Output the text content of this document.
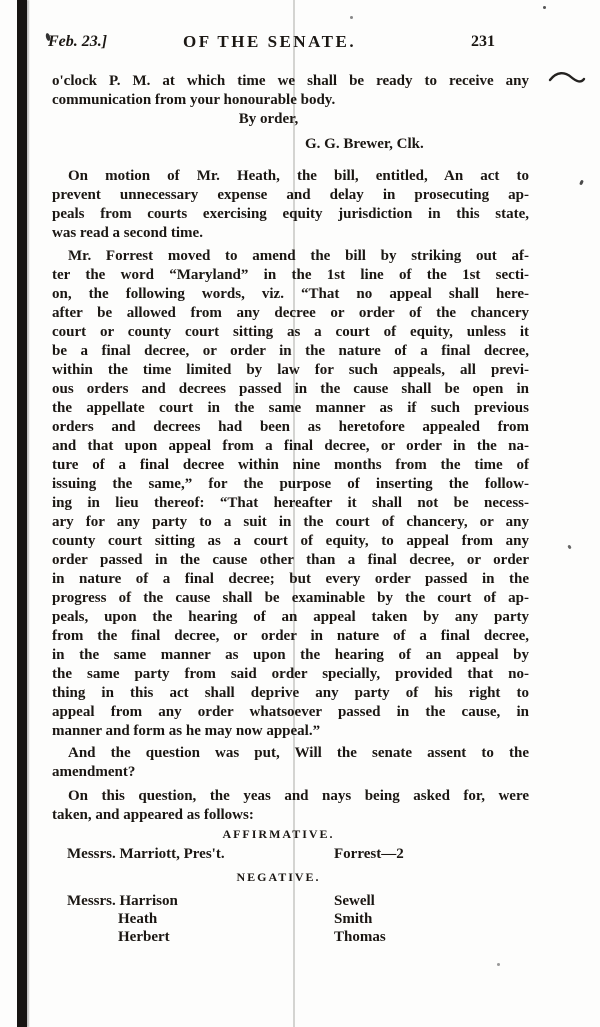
Feb. 23.]	OF THE SENATE.	231
o'clock P. M. at which time we shall be ready to receive any
communication from your honourable body.
By order,
G. G. Brewer, Clk.
On motion of Mr. Heath, the bill, entitled, An act to
prevent unnecessary expense and delay in prosecuting ap-
peals from courts exercising equity jurisdiction in this state,
was read a second time.
Mr. Forrest moved to amend the bill by striking out af-
ter the word “Maryland” in the 1st line of the 1st secti-
on, the following words, viz. “That no appeal shall here-
after be allowed from any decree or order of the chancery
court or county court sitting as a court of equity, unless it
be a final decree, or order in the nature of a final decree,
within the time limited by law for such appeals, all previ-
ous orders and decrees passed in the cause shall be open in
the appellate court in the same manner as if such previous
orders and decrees had been as heretofore appealed from
and that upon appeal from a final decree, or order in the na-
ture of a final decree within nine months from the time of
issuing the same,” for the purpose of inserting the follow-
ing in lieu thereof: “That hereafter it shall not be necess-
ary for any party to a suit in the court of chancery, or any
county court sitting as a court of equity, to appeal from any
order passed in the cause other than a final decree, or order
in nature of a final decree; but every order passed in the
progress of the cause shall be examinable by the court of ap-
peals, upon the hearing of an appeal taken by any party
from the final decree, or order in nature of a final decree,
in the same manner as upon the hearing of an appeal by
the same party from said order specially, provided that no-
thing in this act shall deprive any party of his right to
appeal from any order whatsoever passed in the cause, in
manner and form as he may now appeal.”
And the question was put, Will the senate assent to the
amendment?
On this question, the yeas and nays being asked for, were
taken, and appeared as follows:
AFFIRMATIVE.
Messrs. Marriott, Pres't.	Forrest—2
NEGATIVE.
Messrs. Harrison	Sewell
Heath	Smith
Herbert	Thomas
